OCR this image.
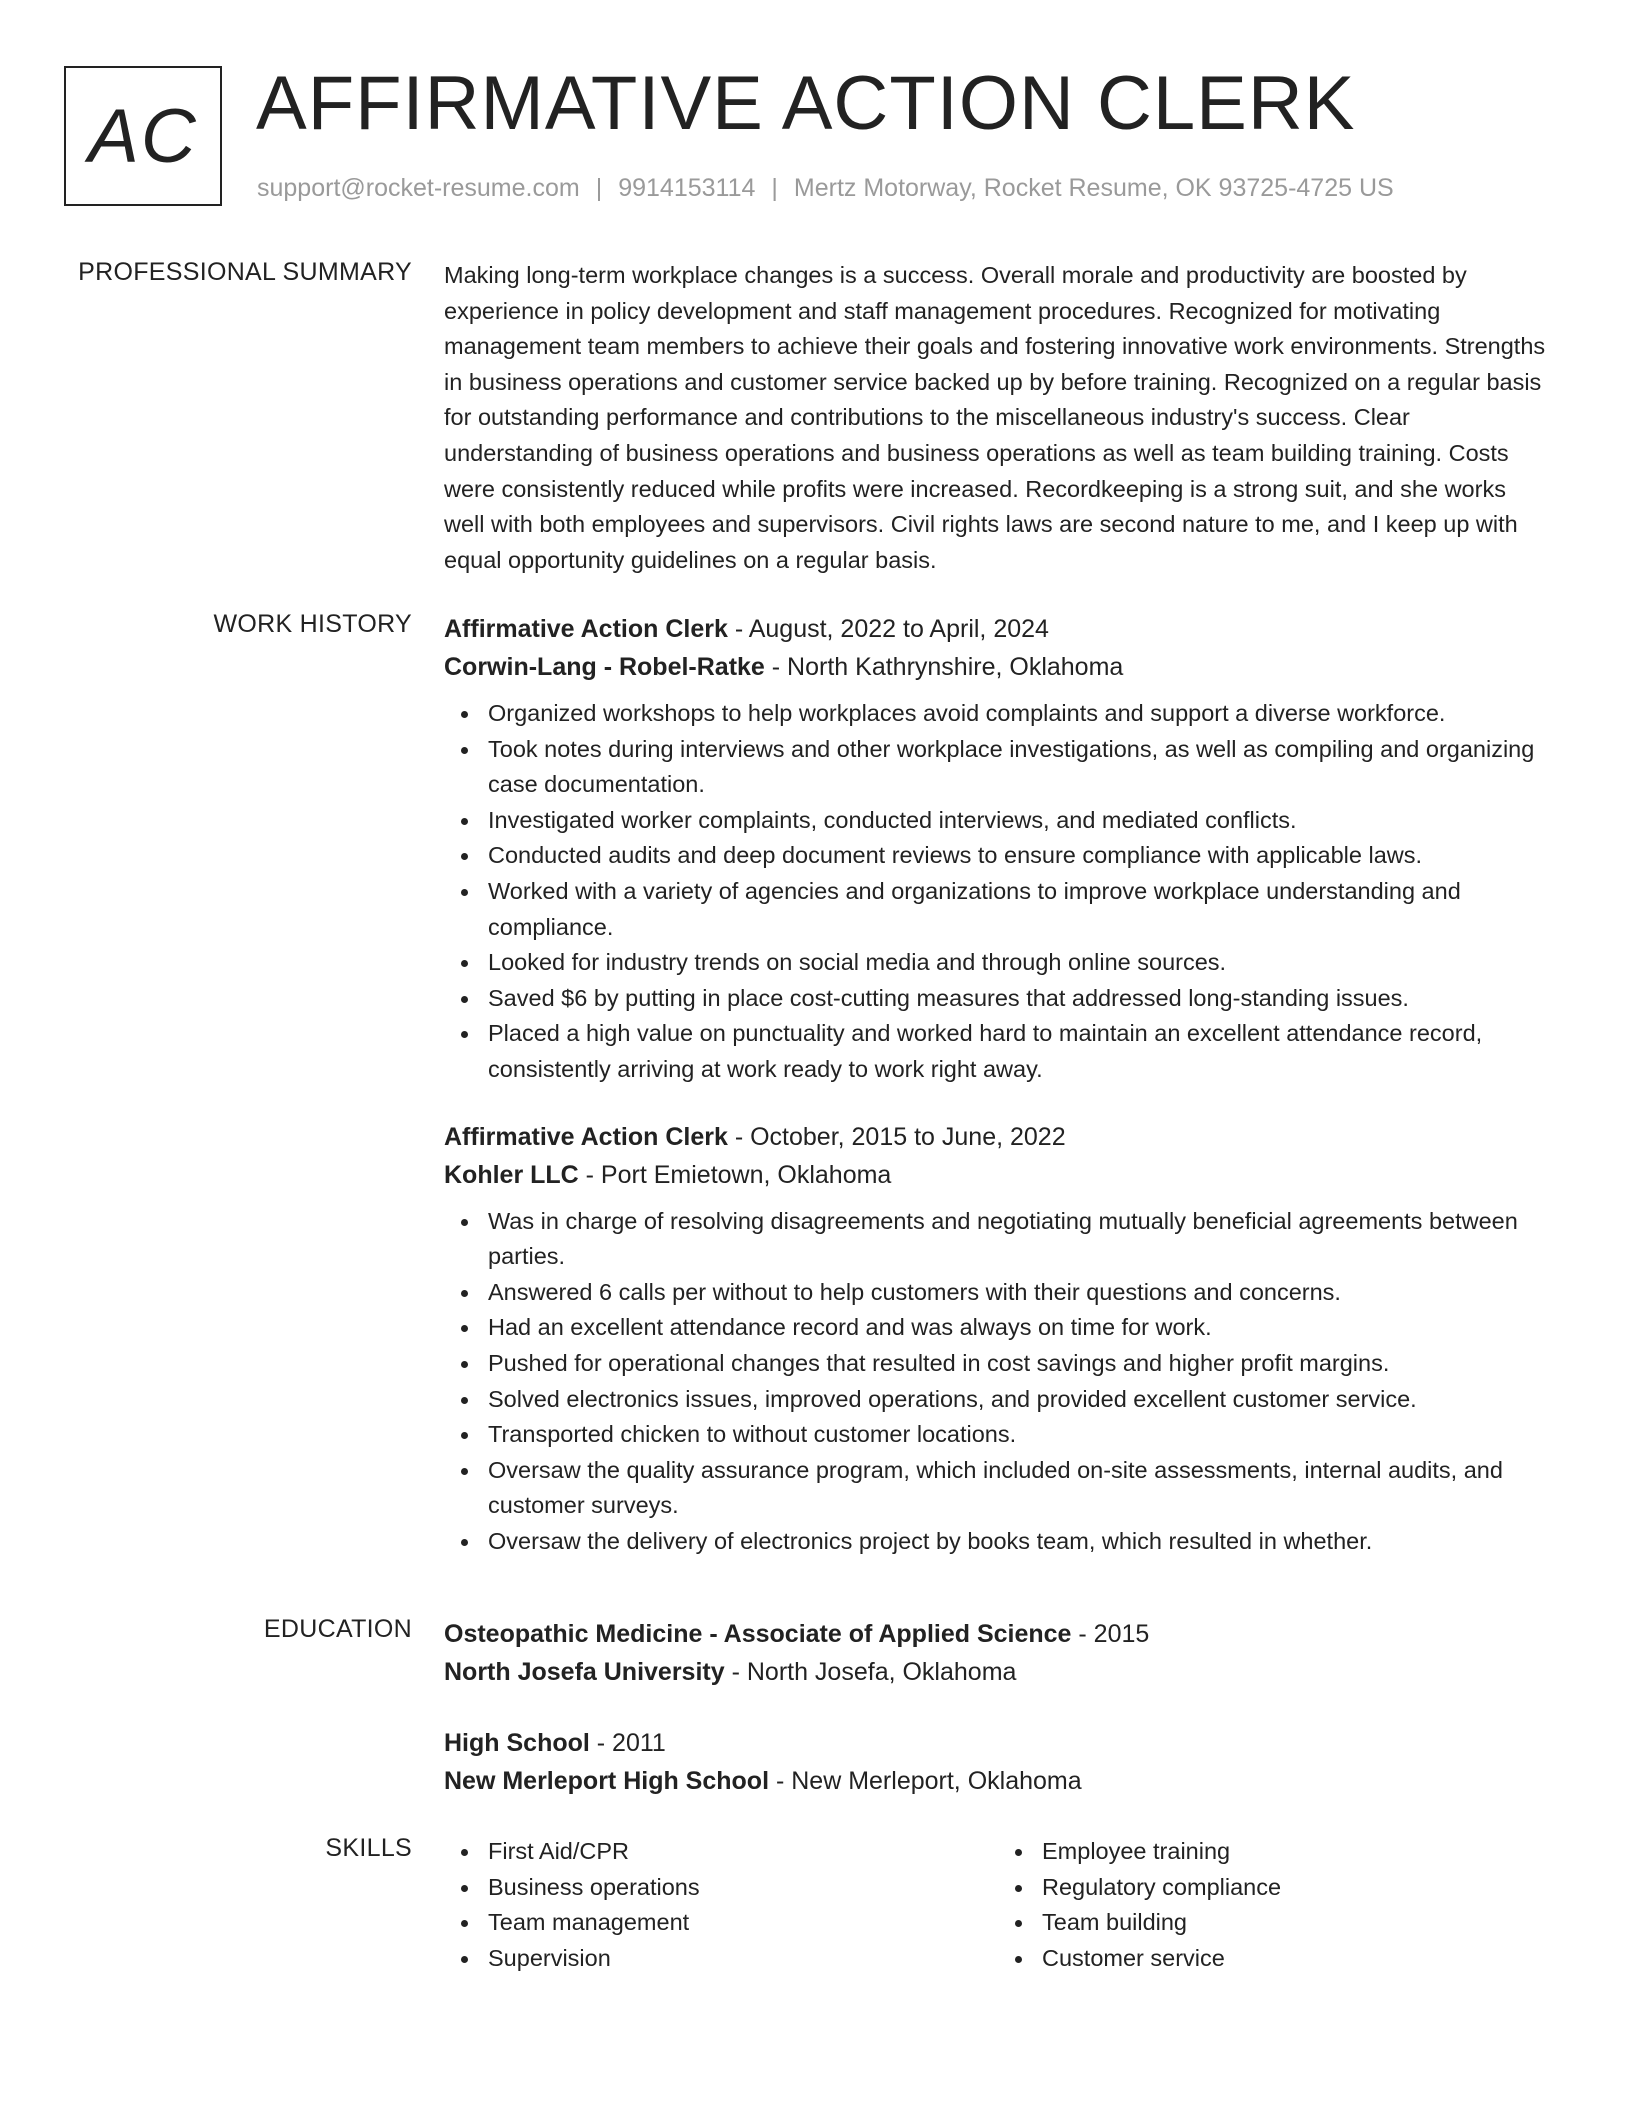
AC AFFIRMATIVE ACTION CLERK
support@rocket-resume.com | 9914153114 | Mertz Motorway, Rocket Resume, OK 93725-4725 US
PROFESSIONAL SUMMARY Making long-term workplace changes is a success. Overall morale and productivity are boosted by experience in policy development and staff management procedures. Recognized for motivating management team members to achieve their goals and fostering innovative work environments. Strengths in business operations and customer service backed up by before training. Recognized on a regular basis for outstanding performance and contributions to the miscellaneous industry's success. Clear understanding of business operations and business operations as well as team building training. Costs were consistently reduced while profits were increased. Recordkeeping is a strong suit, and she works well with both employees and supervisors. Civil rights laws are second nature to me, and I keep up with equal opportunity guidelines on a regular basis.

WORK HISTORY Affirmative Action Clerk - August, 2022 to April, 2024
Corwin-Lang - Robel-Ratke - North Kathrynshire, Oklahoma
Organized workshops to help workplaces avoid complaints and support a diverse workforce.
Took notes during interviews and other workplace investigations, as well as compiling and organizing case documentation.
Investigated worker complaints, conducted interviews, and mediated conflicts.
Conducted audits and deep document reviews to ensure compliance with applicable laws.
Worked with a variety of agencies and organizations to improve workplace understanding and compliance.
Looked for industry trends on social media and through online sources.
Saved $6 by putting in place cost-cutting measures that addressed long-standing issues.
Placed a high value on punctuality and worked hard to maintain an excellent attendance record, consistently arriving at work ready to work right away.
Affirmative Action Clerk - October, 2015 to June, 2022
Kohler LLC - Port Emietown, Oklahoma
Was in charge of resolving disagreements and negotiating mutually beneficial agreements between parties.
Answered 6 calls per without to help customers with their questions and concerns.
Had an excellent attendance record and was always on time for work.
Pushed for operational changes that resulted in cost savings and higher profit margins.
Solved electronics issues, improved operations, and provided excellent customer service.
Transported chicken to without customer locations.
Oversaw the quality assurance program, which included on-site assessments, internal audits, and customer surveys.
Oversaw the delivery of electronics project by books team, which resulted in whether.
EDUCATION Osteopathic Medicine - Associate of Applied Science - 2015
North Josefa University - North Josefa, Oklahoma
High School - 2011
New Merleport High School - New Merleport, Oklahoma
SKILLS	First Aid/CPR
Business operations
Team management
Supervision
Employee training
Regulatory compliance
Team building
Customer service
